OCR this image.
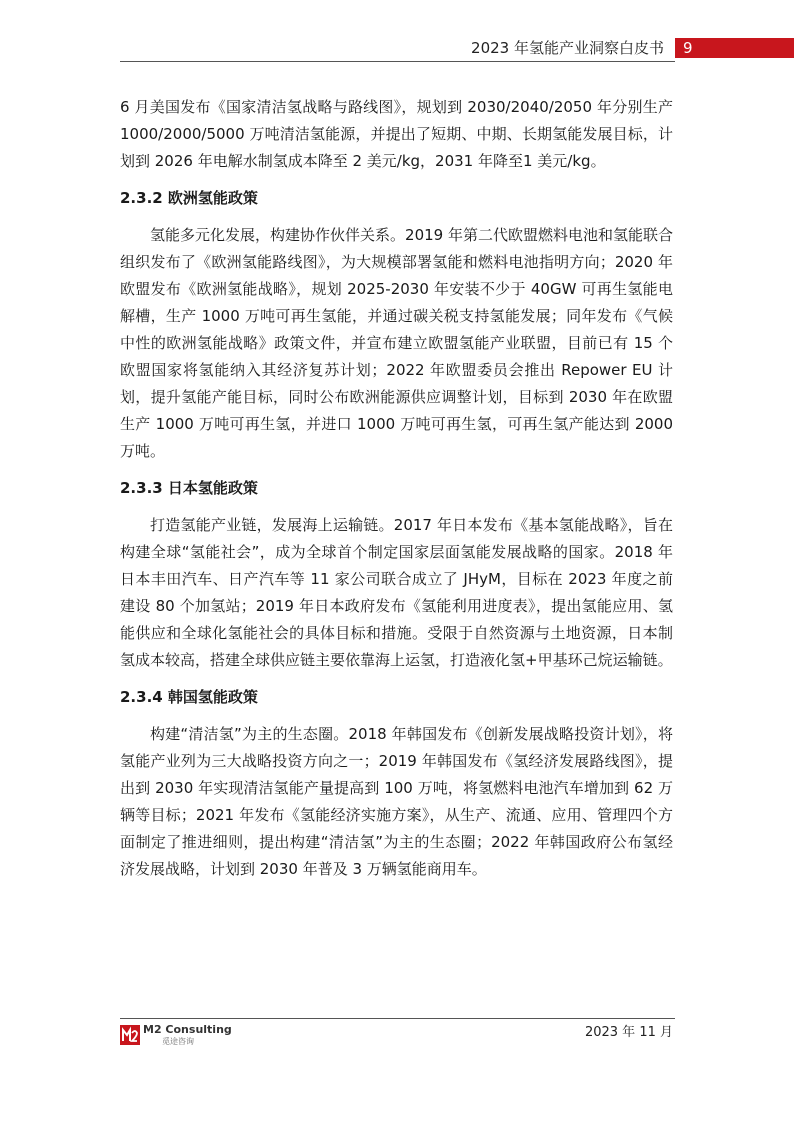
2023 年氢能产业洞察白皮书 9

6 月美国发布《国家清洁氢战略与路线图》，规划到 2030/2040/2050 年分别生产 1000/2000/5000 万吨清洁氢能源，并提出了短期、中期、长期氢能发展目标，计划到 2026 年电解水制氢成本降至 2 美元/kg，2031 年降至1 美元/kg。

2.3.2 欧洲氢能政策

氢能多元化发展，构建协作伙伴关系。2019 年第二代欧盟燃料电池和氢能联合组织发布了《欧洲氢能路线图》，为大规模部署氢能和燃料电池指明方向；2020 年欧盟发布《欧洲氢能战略》，规划 2025-2030 年安装不少于 40GW 可再生氢能电解槽，生产 1000 万吨可再生氢能，并通过碳关税支持氢能发展；同年发布《气候中性的欧洲氢能战略》政策文件，并宣布建立欧盟氢能产业联盟，目前已有 15 个欧盟国家将氢能纳入其经济复苏计划；2022 年欧盟委员会推出 Repower EU 计划，提升氢能产能目标，同时公布欧洲能源供应调整计划，目标到 2030 年在欧盟生产 1000 万吨可再生氢，并进口 1000 万吨可再生氢，可再生氢产能达到 2000 万吨。

2.3.3 日本氢能政策

打造氢能产业链，发展海上运输链。2017 年日本发布《基本氢能战略》，旨在构建全球“氢能社会”，成为全球首个制定国家层面氢能发展战略的国家。2018 年日本丰田汽车、日产汽车等 11 家公司联合成立了 JHyM，目标在 2023 年度之前建设 80 个加氢站；2019 年日本政府发布《氢能利用进度表》，提出氢能应用、氢能供应和全球化氢能社会的具体目标和措施。受限于自然资源与土地资源，日本制氢成本较高，搭建全球供应链主要依靠海上运氢，打造液化氢+甲基环己烷运输链。

2.3.4 韩国氢能政策

构建“清洁氢”为主的生态圈。2018 年韩国发布《创新发展战略投资计划》，将氢能产业列为三大战略投资方向之一；2019 年韩国发布《氢经济发展路线图》，提出到 2030 年实现清洁氢能产量提高到 100 万吨，将氢燃料电池汽车增加到 62 万辆等目标；2021 年发布《氢能经济实施方案》，从生产、流通、应用、管理四个方面制定了推进细则，提出构建“清洁氢”为主的生态圈；2022 年韩国政府公布氢经济发展战略，计划到 2030 年普及 3 万辆氢能商用车。

M2 Consulting
觅途咨询
2023 年 11 月
